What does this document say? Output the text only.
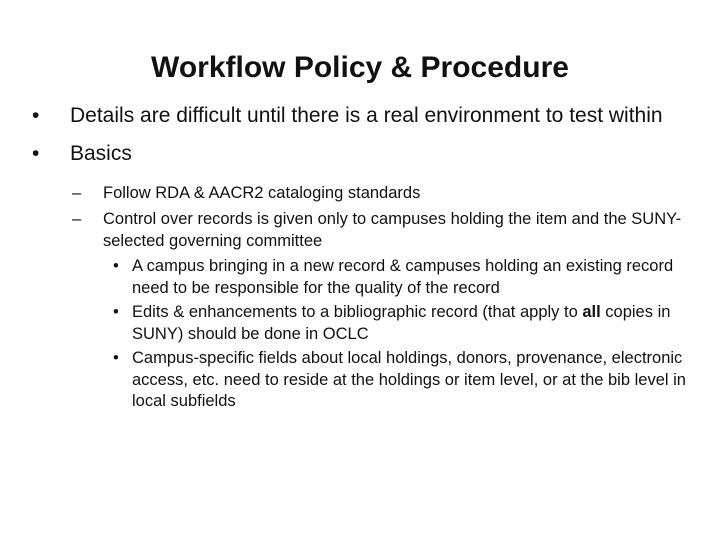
Workflow Policy & Procedure
• Details are difficult until there is a real environment to test within
• Basics
– Follow RDA & AACR2 cataloging standards
– Control over records is given only to campuses holding the item and the SUNY-selected governing committee
• A campus bringing in a new record & campuses holding an existing record need to be responsible for the quality of the record
• Edits & enhancements to a bibliographic record (that apply to all copies in SUNY) should be done in OCLC
• Campus-specific fields about local holdings, donors, provenance, electronic access, etc. need to reside at the holdings or item level, or at the bib level in local subfields
